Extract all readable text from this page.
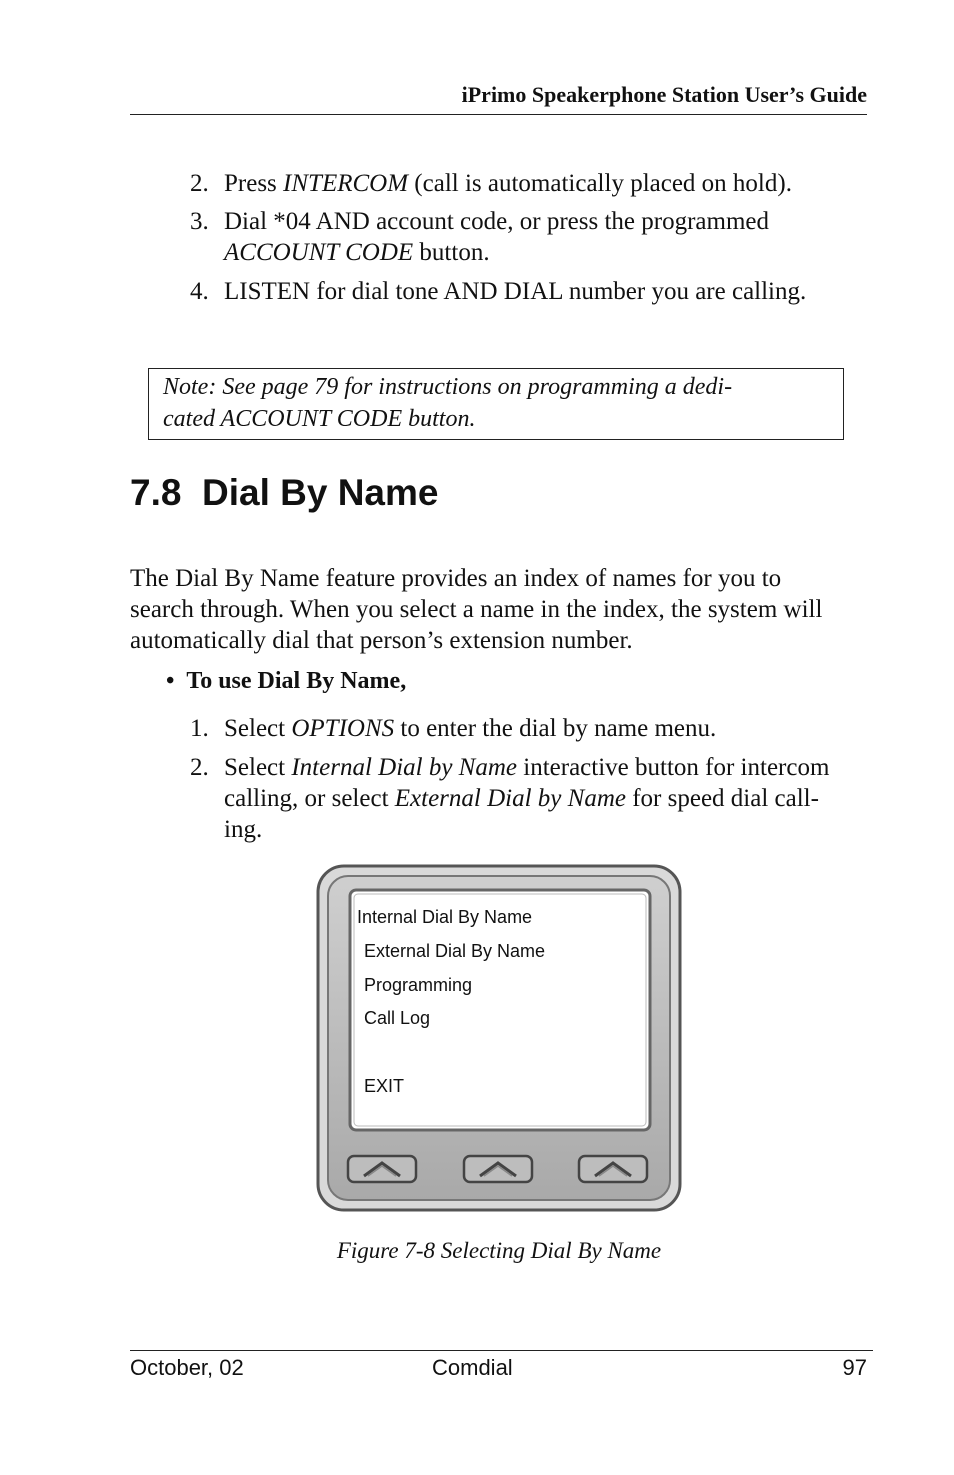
iPrimo Speakerphone Station User’s Guide
2. Press INTERCOM (call is automatically placed on hold).
3. Dial *04 AND account code, or press the programmed
ACCOUNT CODE button.
4. LISTEN for dial tone AND DIAL number you are calling.
Note: See page 79 for instructions on programming a dedi-
cated ACCOUNT CODE button.
7.8 Dial By Name
The Dial By Name feature provides an index of names for you to
search through. When you select a name in the index, the system will
automatically dial that person’s extension number.
• To use Dial By Name,
1. Select OPTIONS to enter the dial by name menu.
2. Select Internal Dial by Name interactive button for intercom
calling, or select External Dial by Name for speed dial call-
ing.
Internal Dial By Name
External Dial By Name
Programming
Call Log
EXIT
Figure 7-8 Selecting Dial By Name
October, 02	Comdial	97
